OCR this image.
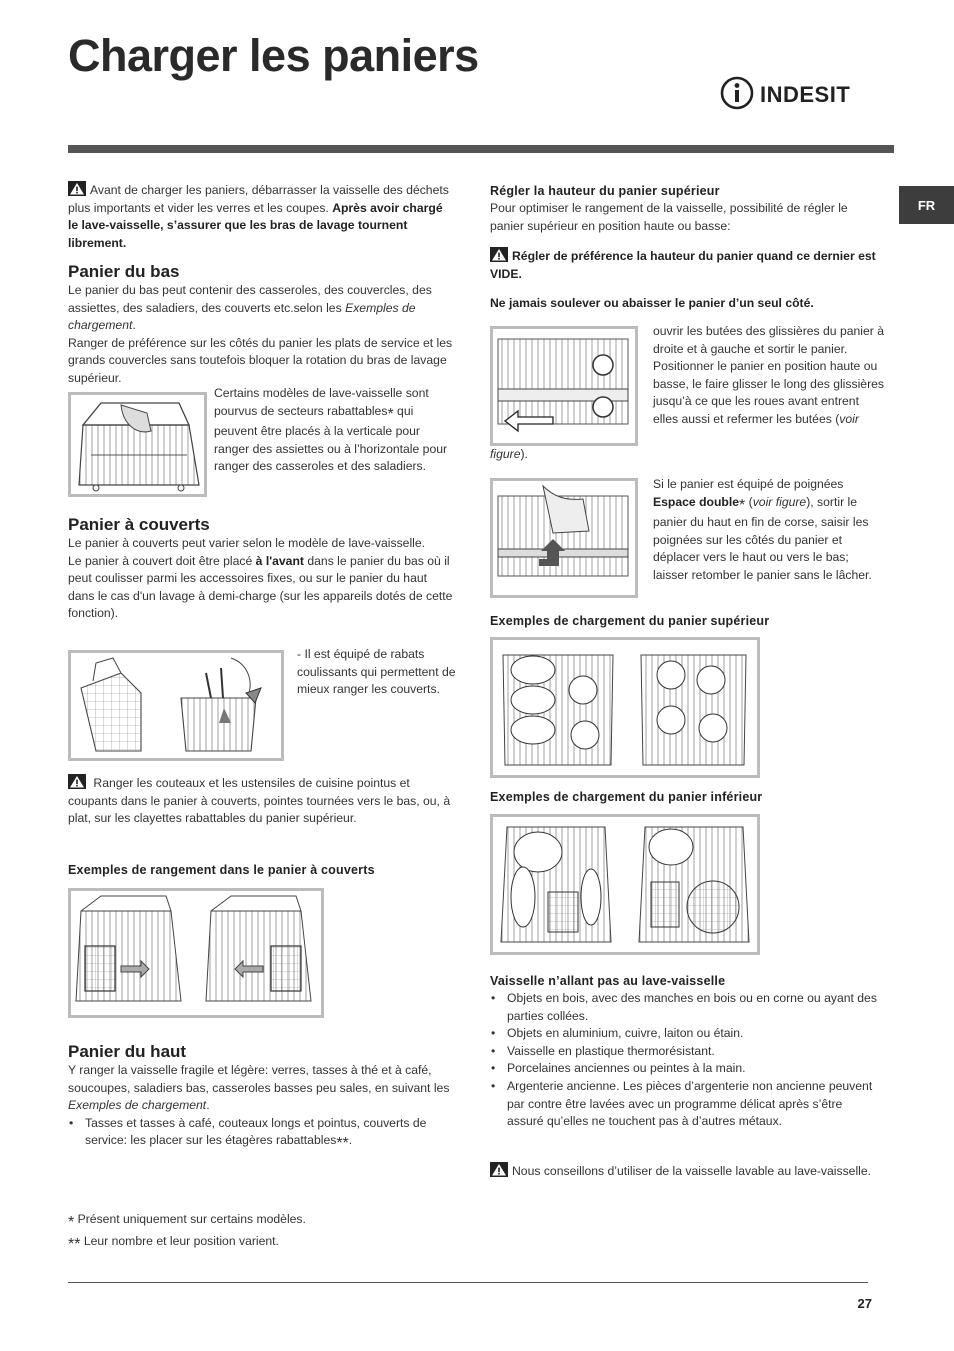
Charger les paniers
INDESIT
FR

Avant de charger les paniers, débarrasser la vaisselle des déchets plus importants et vider les verres et les coupes. Après avoir chargé le lave-vaisselle, s’assurer que les bras de lavage tournent librement.

Panier du bas

Le panier du bas peut contenir des casseroles, des couvercles, des assiettes, des saladiers, des couverts etc.selon les Exemples de chargement.

Ranger de préférence sur les côtés du panier les plats de service et les grands couvercles sans toutefois bloquer la rotation du bras de lavage supérieur.

Certains modèles de lave-vaisselle sont pourvus de secteurs rabattables* qui peuvent être placés à la verticale pour ranger des assiettes ou à l’horizontale pour ranger des casseroles et des saladiers.

Panier à couverts

Le panier à couverts peut varier selon le modèle de lave-vaisselle.

Le panier à couvert doit être placé à l'avant dans le panier du bas où il peut coulisser parmi les accessoires fixes, ou sur le panier du haut dans le cas d'un lavage à demi-charge (sur les appareils dotés de cette fonction).

- Il est équipé de rabats coulissants qui permettent de mieux ranger les couverts.

Ranger les couteaux et les ustensiles de cuisine pointus et coupants dans le panier à couverts, pointes tournées vers le bas, ou, à plat, sur les clayettes rabattables du panier supérieur.

Exemples de rangement dans le panier à couverts
Panier du haut

Y ranger la vaisselle fragile et légère: verres, tasses à thé et à café, soucoupes, saladiers bas, casseroles basses peu sales, en suivant les Exemples de chargement.

• Tasses et tasses à café, couteaux longs et pointus, couverts de service: les placer sur les étagères rabattables**.
* Présent uniquement sur certains modèles.
** Leur nombre et leur position varient.
Régler la hauteur du panier supérieur

Pour optimiser le rangement de la vaisselle, possibilité de régler le panier supérieur en position haute ou basse:

Régler de préférence la hauteur du panier quand ce dernier est VIDE.

Ne jamais soulever ou abaisser le panier d’un seul côté.
ouvrir les butées des glissières du panier à droite et à gauche et sortir le panier. Positionner le panier en position haute ou basse, le faire glisser le long des glissières jusqu’à ce que les roues avant entrent elles aussi et refermer les butées (voir
figure).
Si le panier est équipé de poignées Espace double* (voir figure), sortir le panier du haut en fin de corse, saisir les poignées sur les côtés du panier et déplacer vers le haut ou vers le bas; laisser retomber le panier sans le lâcher.
Exemples de chargement du panier supérieur
Exemples de chargement du panier inférieur
Vaisselle n’allant pas au lave-vaisselle
• Objets en bois, avec des manches en bois ou en corne ou ayant des parties collées.
• Objets en aluminium, cuivre, laiton ou étain.
• Vaisselle en plastique thermorésistant.
• Porcelaines anciennes ou peintes à la main.
• Argenterie ancienne. Les pièces d’argenterie non ancienne peuvent par contre être lavées avec un programme délicat après s’être assuré qu’elles ne touchent pas à d’autres métaux.

Nous conseillons d’utiliser de la vaisselle lavable au lave-vaisselle.

27
